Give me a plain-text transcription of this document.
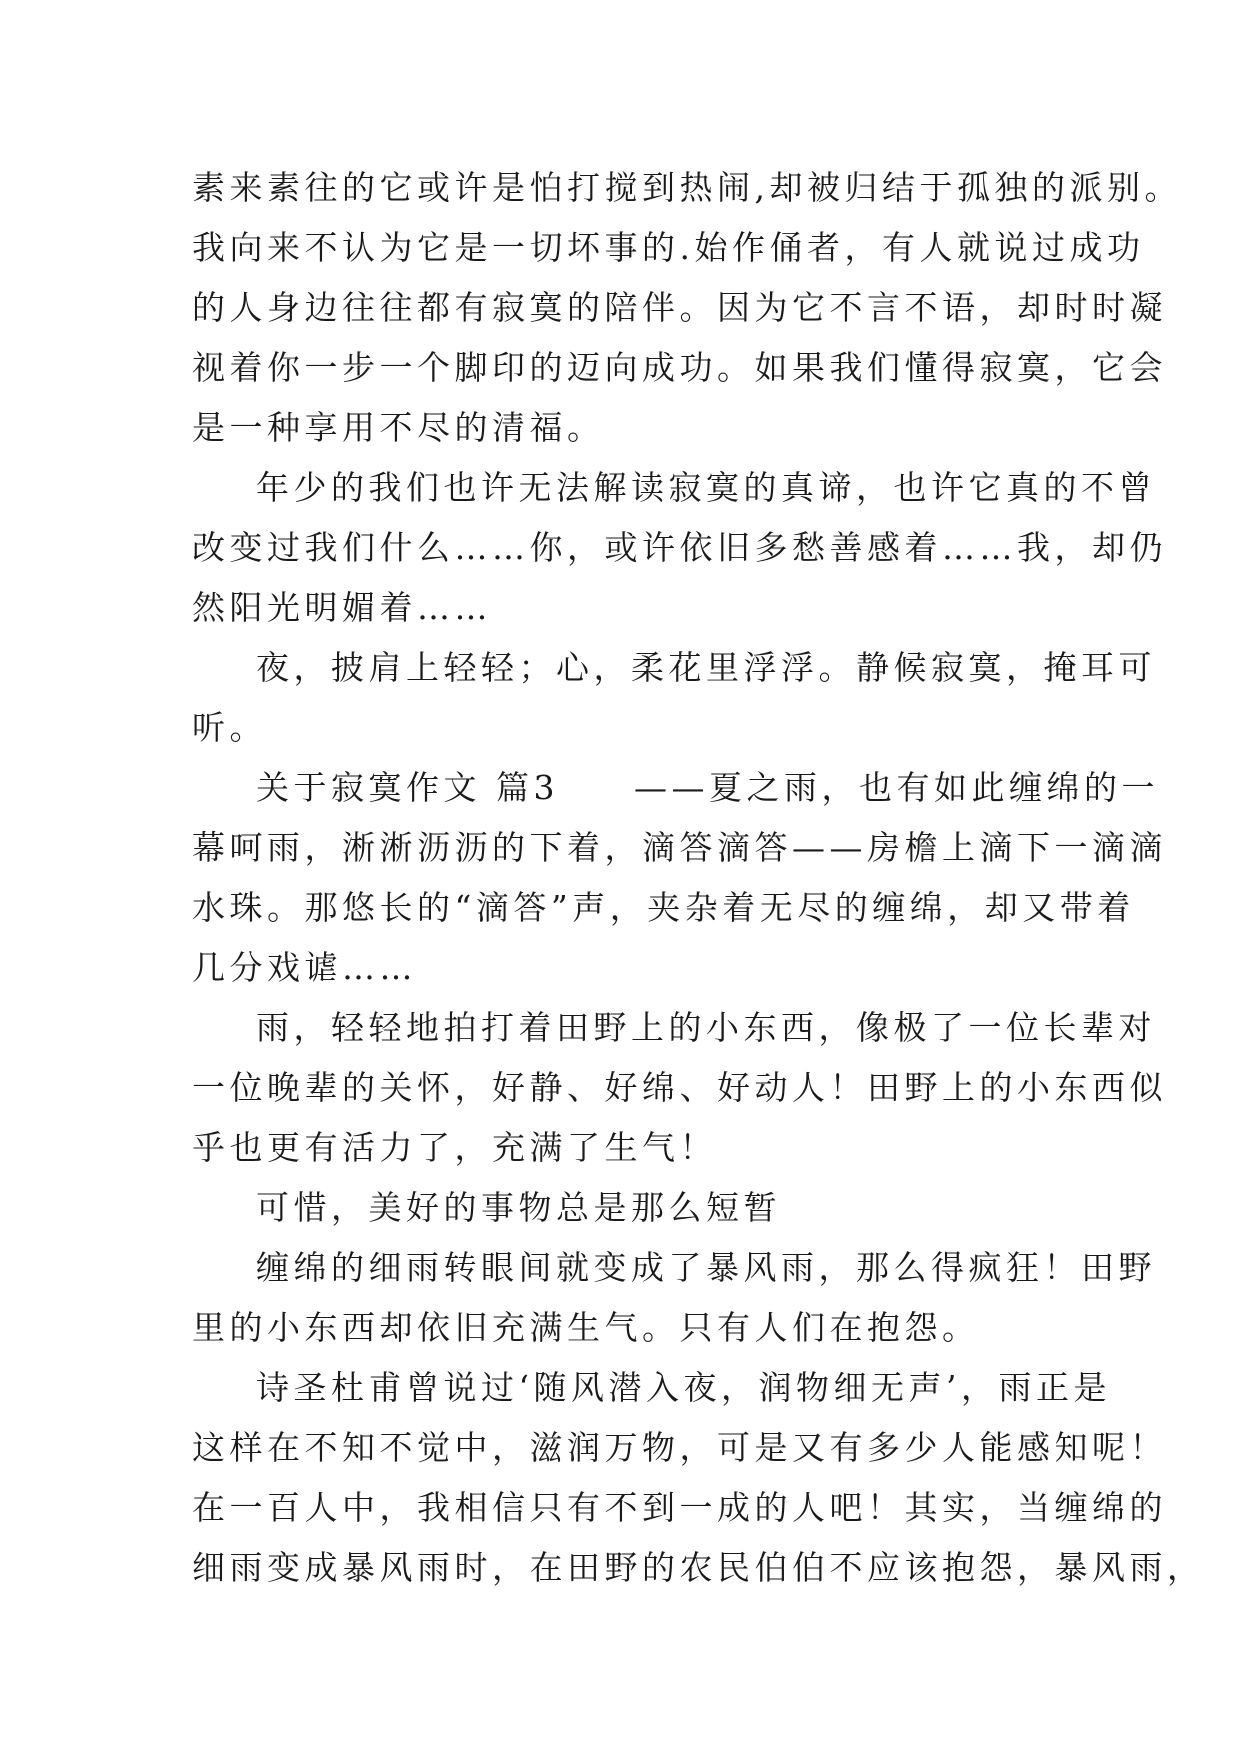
素来素往的它或许是怕打搅到热闹,却被归结于孤独的派别。
我向来不认为它是一切坏事的.始作俑者，有人就说过成功
的人身边往往都有寂寞的陪伴。因为它不言不语，却时时凝
视着你一步一个脚印的迈向成功。如果我们懂得寂寞，它会
是一种享用不尽的清福。
年少的我们也许无法解读寂寞的真谛，也许它真的不曾
改变过我们什么……你，或许依旧多愁善感着……我，却仍
然阳光明媚着……
夜，披肩上轻轻；心，柔花里浮浮。静候寂寞，掩耳可
听。
关于寂寞作文 篇3　　——夏之雨，也有如此缠绵的一
幕呵雨，淅淅沥沥的下着，滴答滴答——房檐上滴下一滴滴
水珠。那悠长的“滴答”声，夹杂着无尽的缠绵，却又带着
几分戏谑……
雨，轻轻地拍打着田野上的小东西，像极了一位长辈对
一位晚辈的关怀，好静、好绵、好动人！田野上的小东西似
乎也更有活力了，充满了生气！
可惜，美好的事物总是那么短暂
缠绵的细雨转眼间就变成了暴风雨，那么得疯狂！田野
里的小东西却依旧充满生气。只有人们在抱怨。
诗圣杜甫曾说过‘随风潜入夜，润物细无声’，雨正是
这样在不知不觉中，滋润万物，可是又有多少人能感知呢！
在一百人中，我相信只有不到一成的人吧！其实，当缠绵的
细雨变成暴风雨时，在田野的农民伯伯不应该抱怨，暴风雨，
